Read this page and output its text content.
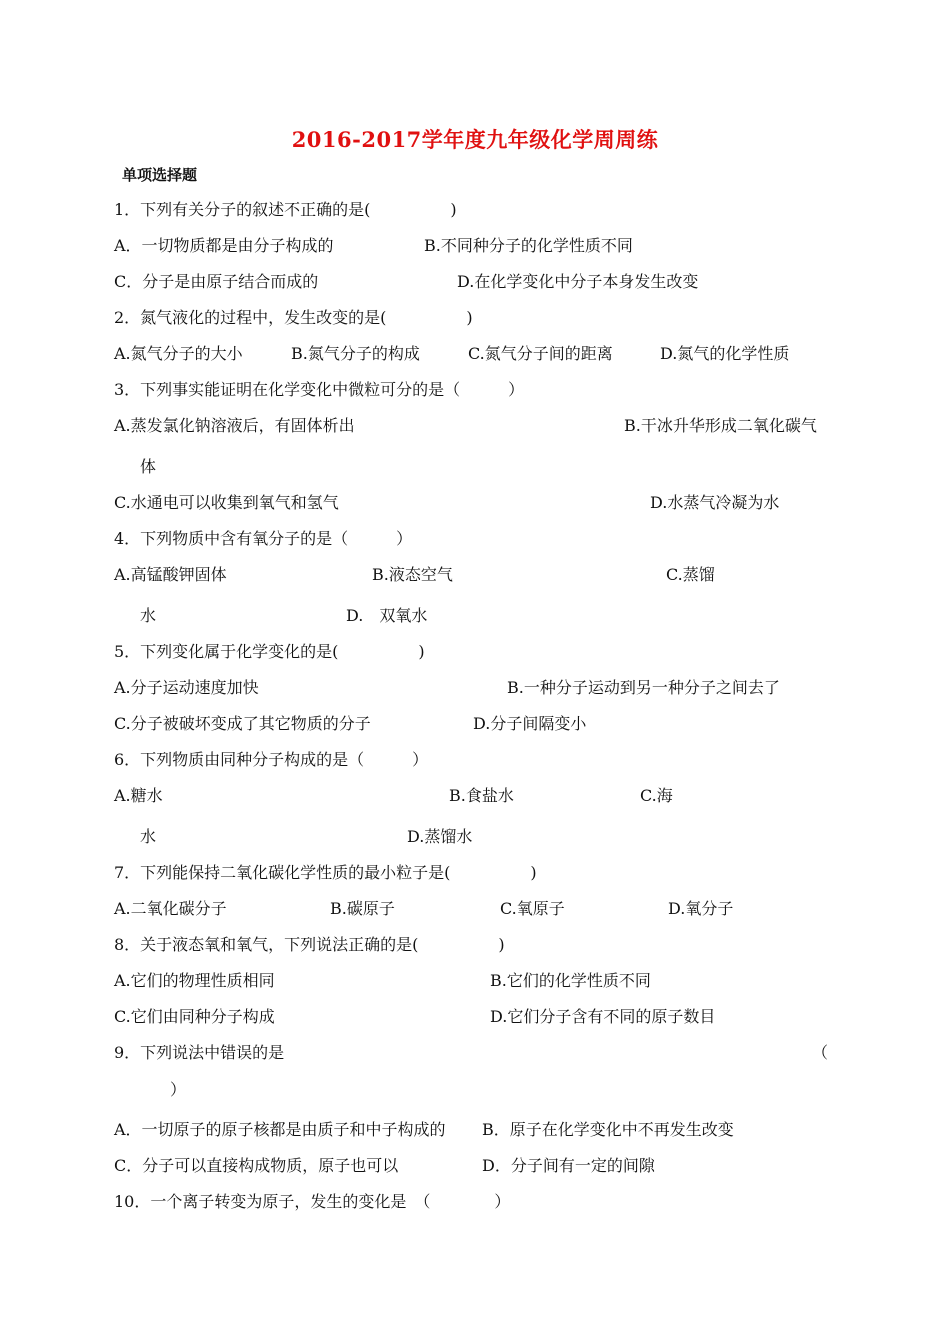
2016-2017学年度九年级化学周周练
单项选择题
1．下列有关分子的叙述不正确的是(　　　　　)
A．一切物质都是由分子构成的	B.不同种分子的化学性质不同
C．分子是由原子结合而成的	D.在化学变化中分子本身发生改变
2．氮气液化的过程中，发生改变的是(　　　　　)
A.氮气分子的大小	B.氮气分子的构成	C.氮气分子间的距离	D.氮气的化学性质
3．下列事实能证明在化学变化中微粒可分的是（　　　）
A.蒸发氯化钠溶液后，有固体析出	B.干冰升华形成二氧化碳气
体
C.水通电可以收集到氧气和氢气	D.水蒸气冷凝为水
4．下列物质中含有氧分子的是（　　　）
A.高锰酸钾固体	B.液态空气	C.蒸馏
水	D.　双氧水
5．下列变化属于化学变化的是(　　　　　)
A.分子运动速度加快	B.一种分子运动到另一种分子之间去了
C.分子被破坏变成了其它物质的分子	D.分子间隔变小
6．下列物质由同种分子构成的是（　　　）
A.糖水	B.食盐水	C.海
水	D.蒸馏水
7．下列能保持二氧化碳化学性质的最小粒子是(　　　　　)
A.二氧化碳分子	B.碳原子	C.氧原子	D.氧分子
8．关于液态氧和氧气，下列说法正确的是(　　　　　)
A.它们的物理性质相同	B.它们的化学性质不同
C.它们由同种分子构成	D.它们分子含有不同的原子数目
9．下列说法中错误的是	（
）
A．一切原子的原子核都是由质子和中子构成的 B．原子在化学变化中不再发生改变
C．分子可以直接构成物质，原子也可以	D．分子间有一定的间隙
10．一个离子转变为原子，发生的变化是　（　　　　）
